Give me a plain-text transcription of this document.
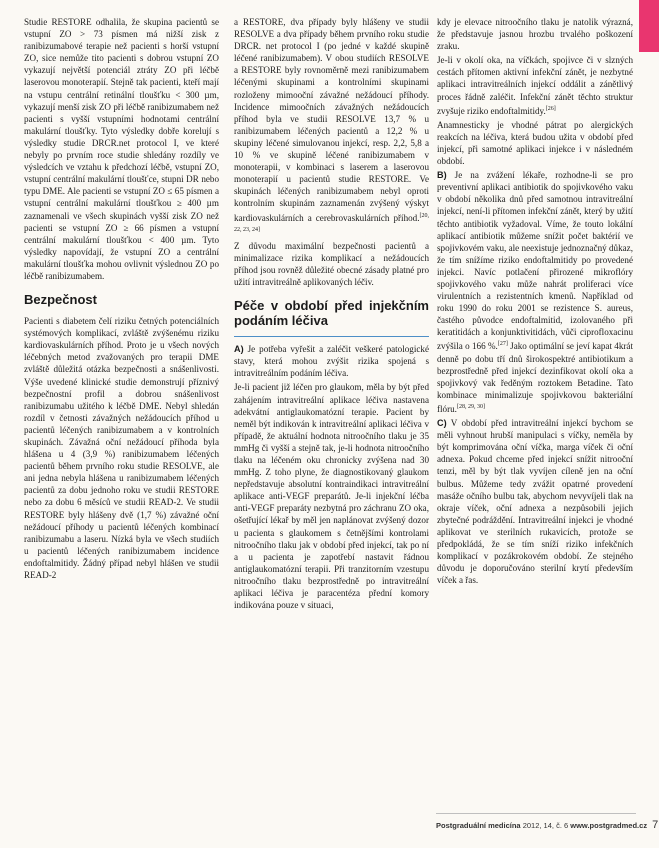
Studie RESTORE odhalila, že skupina pacientů se vstupní ZO > 73 písmen má nižší zisk z ranibizumabové terapie než pacienti s horší vstupní ZO, sice nemůže tito pacienti s dobrou vstupní ZO vykazují největší potenciál ztráty ZO při léčbě laserovou monoterapií. Stejně tak pacienti, kteří mají na vstupu centrální retinální tloušťku < 300 µm, vykazují menší zisk ZO při léčbě ranibizumabem než pacienti s vyšší vstupními hodnotami centrální makulární tloušťky. Tyto výsledky dobře korelují s výsledky studie DRCR.net protocol I, ve které nebyly po prvním roce studie shledány rozdíly ve výsledcích ve vztahu k předchozí léčbě, vstupní ZO, vstupní centrální makulární tloušťce, stupni DR nebo typu DME. Ale pacienti se vstupní ZO ≤ 65 písmen a vstupní centrální makulární tloušťkou ≥ 400 µm zaznamenali ve všech skupinách vyšší zisk ZO než pacienti se vstupní ZO ≥ 66 písmen a vstupní centrální makulární tloušťkou < 400 µm. Tyto výsledky napovídají, že vstupní ZO a centrální makulární tloušťka mohou ovlivnit výslednou ZO po léčbě ranibizumabem.

Bezpečnost

Pacienti s diabetem čelí riziku četných potenciálních systémových komplikací, zvláště zvýšenému riziku kardiovaskulárních příhod. Proto je u všech nových léčebných metod zvažovaných pro terapii DME zvláště důležitá otázka bezpečnosti a snášenlivosti. Výše uvedené klinické studie demonstrují příznivý bezpečnostní profil a dobrou snášenlivost ranibizumabu užitého k léčbě DME. Nebyl shledán rozdíl v četnosti závažných nežádoucích příhod u pacientů léčených ranibizumabem a v kontrolních skupinách. Závažná oční nežádoucí příhoda byla hlášena u 4 (3,9 %) ranibizumabem léčených pacientů během prvního roku studie RESOLVE, ale ani jedna nebyla hlášena u ranibizumabem léčených pacientů za dobu jednoho roku ve studii RESTORE nebo za dobu 6 měsíců ve studii READ-2. Ve studii RESTORE byly hlášeny dvě (1,7 %) závažné oční nežádoucí příhody u pacientů léčených kombinací ranibizumabu a laseru. Nízká byla ve všech studiích u pacientů léčených ranibizumabem incidence endoftalmitidy. Žádný případ nebyl hlášen ve studii READ-2

a RESTORE, dva případy byly hlášeny ve studii RESOLVE a dva případy během prvního roku studie DRCR. net protocol I (po jedné v každé skupině léčené ranibizumabem). V obou studiích RESOLVE a RESTORE byly rovnoměrně mezi ranibizumabem léčenými skupinami a kontrolními skupinami rozloženy mimooční závažné nežádoucí příhody. Incidence mimoočních závažných nežádoucích příhod byla ve studii RESOLVE 13,7 % u ranibizumabem léčených pacientů a 12,2 % u skupiny léčené simulovanou injekcí, resp. 2,2, 5,8 a 10 % ve skupině léčené ranibizumabem v monoterapii, v kombinaci s laserem a laserovou monoterapií u pacientů studie RESTORE. Ve skupinách léčených ranibizumabem nebyl oproti kontrolním skupinám zaznamenán zvýšený výskyt kardiovaskulárních a cerebrovaskulárních příhod.[20, 22, 23, 24]

Z důvodu maximální bezpečnosti pacientů a minimalizace rizika komplikací a nežádoucích příhod jsou rovněž důležité obecné zásady platné pro užití intravitreálně aplikovaných léčiv.

Péče v období před injekčním podáním léčiva

A) Je potřeba vyřešit a zaléčit veškeré patologické stavy, která mohou zvýšit rizika spojená s intravitreálním podáním léčiva.

Je-li pacient již léčen pro glaukom, měla by být před zahájením intravitreální aplikace léčiva nastavena adekvátní antiglaukomatózní terapie. Pacient by neměl být indikován k intravitreální aplikaci léčiva v případě, že aktuální hodnota nitroočního tlaku je 35 mmHg či vyšší a stejně tak, je-li hodnota nitroočního tlaku na léčeném oku chronicky zvýšena nad 30 mmHg. Z toho plyne, že diagnostikovaný glaukom nepředstavuje absolutní kontraindikaci intravitreální aplikace anti-VEGF preparátů. Je-li injekční léčba anti-VEGF preparáty nezbytná pro záchranu ZO oka, ošetřující lékař by měl jen naplánovat zvýšený dozor u pacienta s glaukomem s četnějšími kontrolami nitroočního tlaku jak v období před injekcí, tak po ní a u pacienta je zapotřebí nastavit řádnou antiglaukomatózní terapii. Při tranzitorním vzestupu nitroočního tlaku bezprostředně po intravitreální aplikaci léčiva je paracentéza přední komory indikována pouze v situaci,

kdy je elevace nitroočního tlaku je natolik výrazná, že představuje jasnou hrozbu trvalého poškození zraku.

Je-li v okolí oka, na víčkách, spojivce či v slzných cestách přítomen aktivní infekční zánět, je nezbytné aplikaci intravitreálních injekcí oddálit a zánětlivý proces řádně zaléčit. Infekční zánět těchto struktur zvyšuje riziko endoftalmitidy.[26]

Anamnesticky je vhodné pátrat po alergických reakcích na léčiva, která budou užita v období před injekcí, při samotné aplikaci injekce i v následném období.

B) Je na zvážení lékaře, rozhodne-li se pro preventivní aplikaci antibiotik do spojivkového vaku v období několika dnů před samotnou intravitreální injekcí, není-li přítomen infekční zánět, který by užití těchto antibiotik vyžadoval. Víme, že touto lokální aplikací antibiotik můžeme snížit počet baktérií ve spojivkovém vaku, ale neexistuje jednoznačný důkaz, že tím snížíme riziko endoftalmitidy po provedené injekci. Navíc potlačení přirozené mikroflóry spojivkového vaku může nahrát proliferaci více virulentních a rezistentních kmenů. Například od roku 1990 do roku 2001 se rezistence S. aureus, častého původce endoftalmitid, izolovaného při keratitidách a konjunktivitidách, vůči ciprofloxacinu zvýšila o 166 %.[27] Jako optimální se jeví kapat 4krát denně po dobu tří dnů širokospektré antibiotikum a bezprostředně před injekcí dezinfikovat okolí oka a spojivkový vak ředěným roztokem Betadine. Tato kombinace minimalizuje spojivkovou bakteriální flóru.[28, 29, 30]

C) V období před intravitreální injekcí bychom se měli vyhnout hrubší manipulaci s víčky, neměla by být komprimována oční víčka, marga víček či oční adnexa. Pokud chceme před injekcí snížit nitrooční tenzi, měl by být tlak vyvíjen cíleně jen na oční bulbus. Můžeme tedy zvážit opatrné provedení masáže očního bulbu tak, abychom nevyvíjeli tlak na okraje víček, oční adnexa a nezpůsobili jejich zbytečné podráždění. Intravitreální injekci je vhodné aplikovat ve sterilních rukavicích, protože se předpokládá, že se tím sníží riziko infekčních komplikací v pozákrokovém období. Ze stejného důvodu je doporučováno sterilní krytí především víček a řas.

Postgraduální medicína 2012, 14, č. 6 www.postgradmed.cz 7
